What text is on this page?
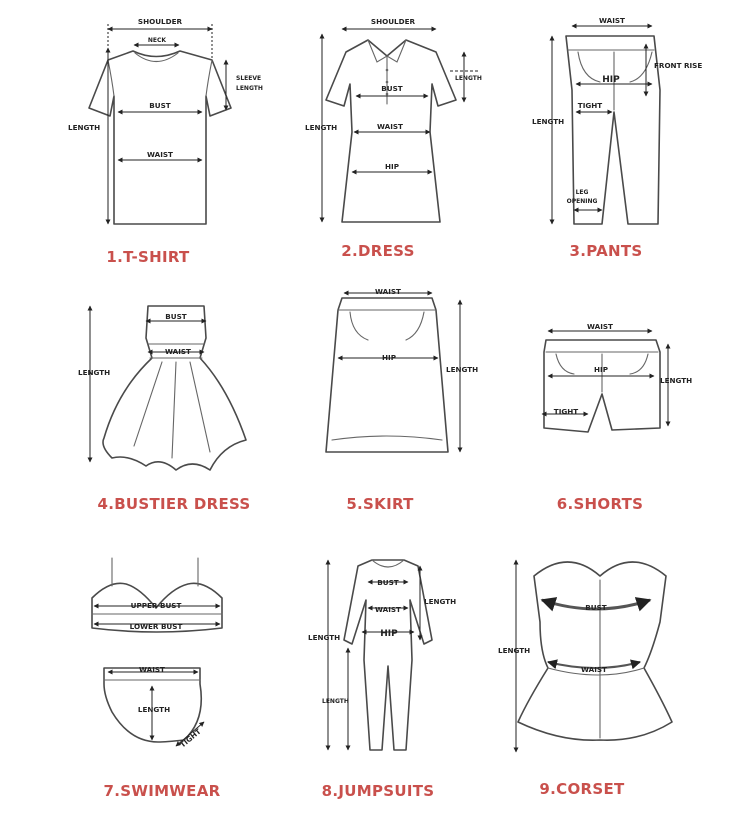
SHOULDER
NECK
SLEEVE
LENGTH
BUST
LENGTH
WAIST
1.T-SHIRT
SHOULDER
LENGTH
BUST
LENGTH	WAIST
HIP
2.DRESS
WAIST
FRONT RISE
HIP
TIGHT
LENGTH
LEG
OPENING
3.PANTS
BUST
WAIST
LENGTH
4.BUSTIER DRESS
WAIST
HIP
LENGTH
5.SKIRT
WAIST
HIP
LENGTH
TIGHT
6.SHORTS
UPPER BUST
LOWER BUST
WAIST
LENGTH
TIGHT
7.SWIMWEAR
BUST
WAIST
HIP
LENGTH
LENGTH
LENGTH
8.JUMPSUITS
LENGTH
BUST
WAIST
9.CORSET
